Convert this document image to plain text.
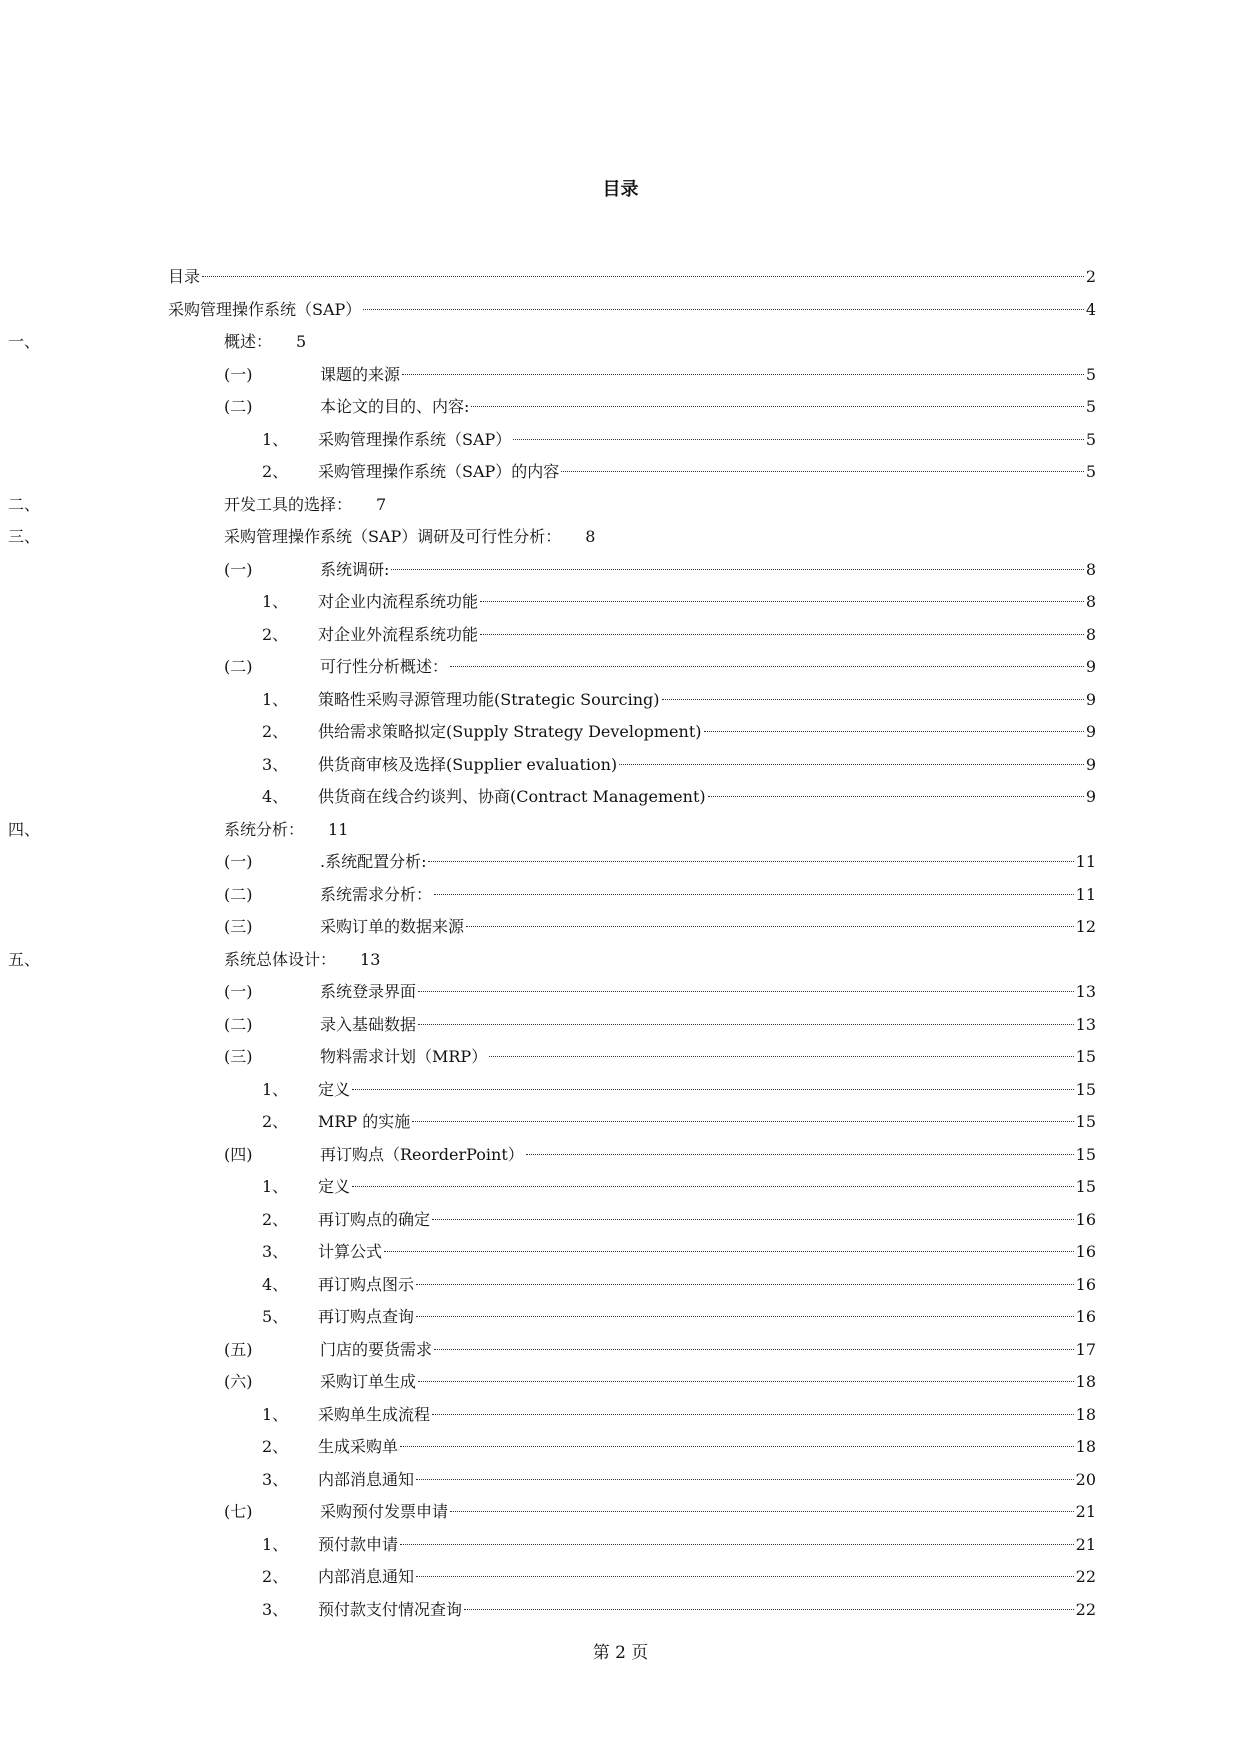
目录
目录	2
采购管理操作系统（SAP）	4
一、	概述： 5
(一)	课题的来源	5
(二)	本论文的目的、内容:	5
1、 采购管理操作系统（SAP）	5
2、 采购管理操作系统（SAP）的内容	5
二、	开发工具的选择： 7
三、	采购管理操作系统（SAP）调研及可行性分析： 8
(一)	系统调研:	8
1、 对企业内流程系统功能	8
2、 对企业外流程系统功能	8
(二)	可行性分析概述：	9
1、 策略性采购寻源管理功能(Strategic Sourcing)	9
2、 供给需求策略拟定(Supply Strategy Development)	9
3、 供货商审核及选择(Supplier evaluation)	9
4、 供货商在线合约谈判、协商(Contract Management)	9
四、	系统分析： 11
(一)	.系统配置分析:	11
(二)	系统需求分析：	11
(三)	采购订单的数据来源	12
五、	系统总体设计： 13
(一)	系统登录界面	13
(二)	录入基础数据	13
(三)	物料需求计划（MRP）	15
1、 定义	15
2、 MRP 的实施	15
(四)	再订购点（ReorderPoint）	15
1、 定义	15
2、 再订购点的确定	16
3、 计算公式	16
4、 再订购点图示	16
5、 再订购点查询	16
(五)	门店的要货需求	17
(六)	采购订单生成	18
1、 采购单生成流程	18
2、 生成采购单	18
3、 内部消息通知	20
(七)	采购预付发票申请	21
1、 预付款申请	21
2、 内部消息通知	22
3、 预付款支付情况查询	22
第 2 页
